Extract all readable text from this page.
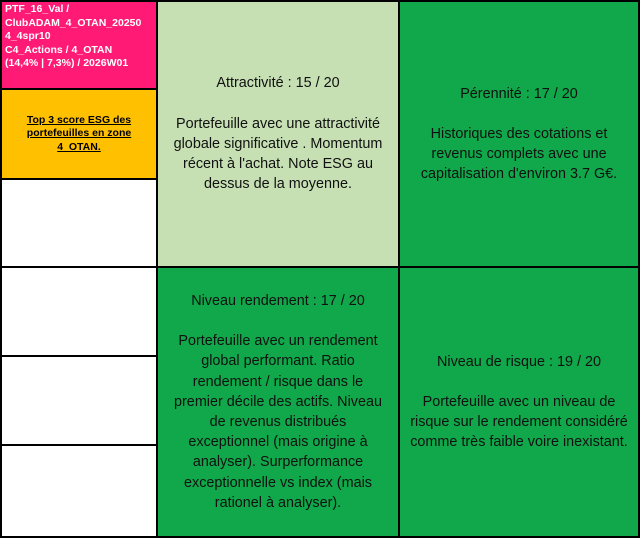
PTF_16_Val /
ClubADAM_4_OTAN_20250
4_4spr10
C4_Actions / 4_OTAN
(14,4% | 7,3%) / 2026W01
Top 3 score ESG des portefeuilles en zone 4_OTAN.
Attractivité : 15 / 20
Portefeuille avec une attractivité globale significative . Momentum récent à l'achat. Note ESG au dessus de la moyenne.
Pérennité : 17 / 20
Historiques des cotations et revenus complets avec une capitalisation d'environ 3.7 G€.
Niveau rendement : 17 / 20
Portefeuille avec un rendement global performant. Ratio rendement / risque dans le premier décile des actifs. Niveau de revenus distribués exceptionnel (mais origine à analyser). Surperformance exceptionnelle vs index (mais rationel à analyser).
Niveau de risque : 19 / 20
Portefeuille avec un niveau de risque sur le rendement considéré comme très faible voire inexistant.
